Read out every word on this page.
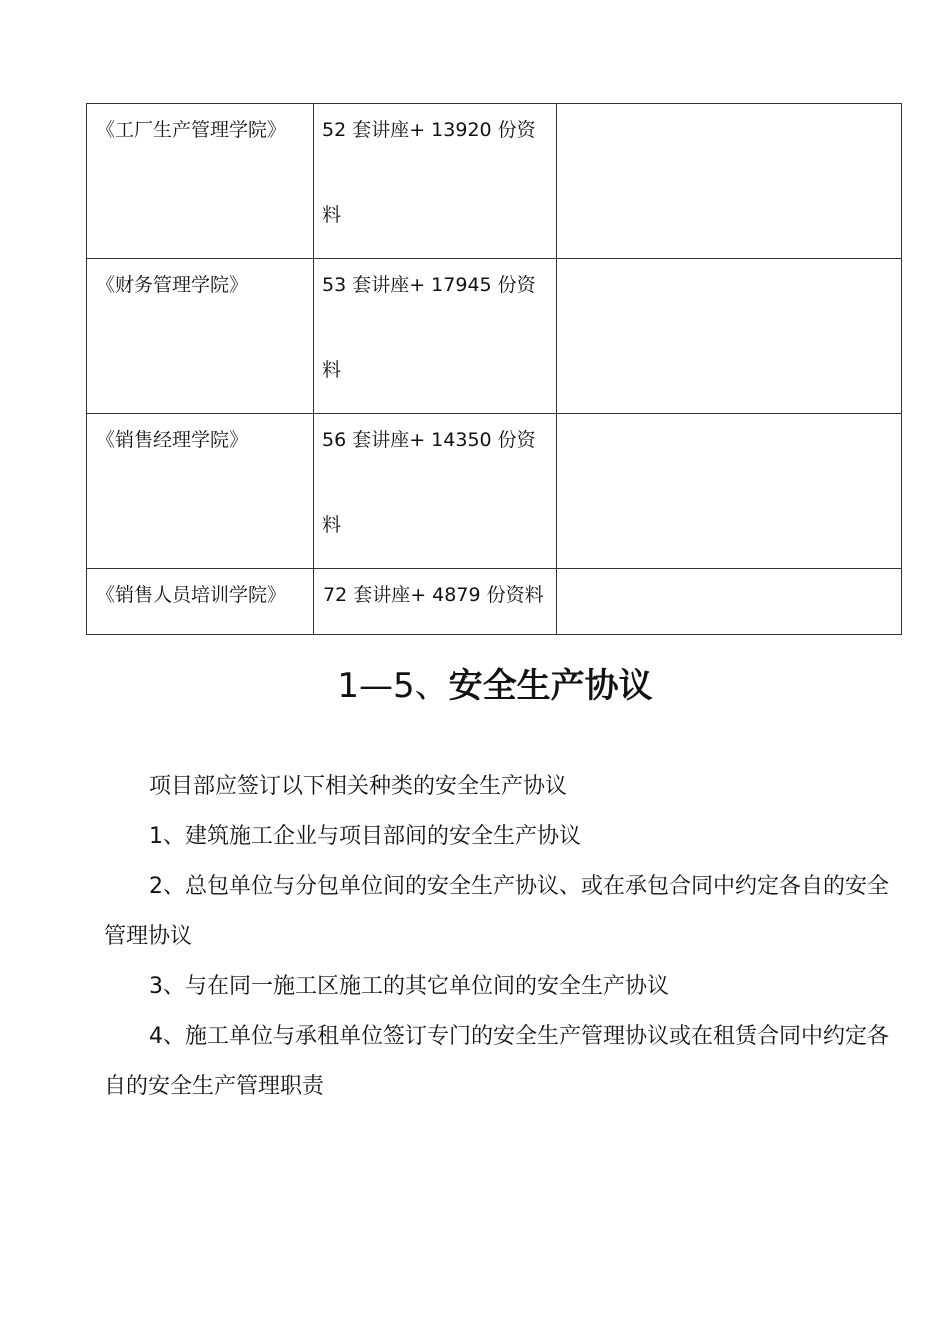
《工厂生产管理学院》	52 套讲座+ 13920 份资料	

《财务管理学院》	53 套讲座+ 17945 份资料	

《销售经理学院》	56 套讲座+ 14350 份资料	

《销售人员培训学院》	72 套讲座+ 4879 份资料	

1—5、安全生产协议

项目部应签订以下相关种类的安全生产协议

1、建筑施工企业与项目部间的安全生产协议

2、总包单位与分包单位间的安全生产协议、或在承包合同中约定各自的安全管理协议

3、与在同一施工区施工的其它单位间的安全生产协议

4、施工单位与承租单位签订专门的安全生产管理协议或在租赁合同中约定各自的安全生产管理职责
